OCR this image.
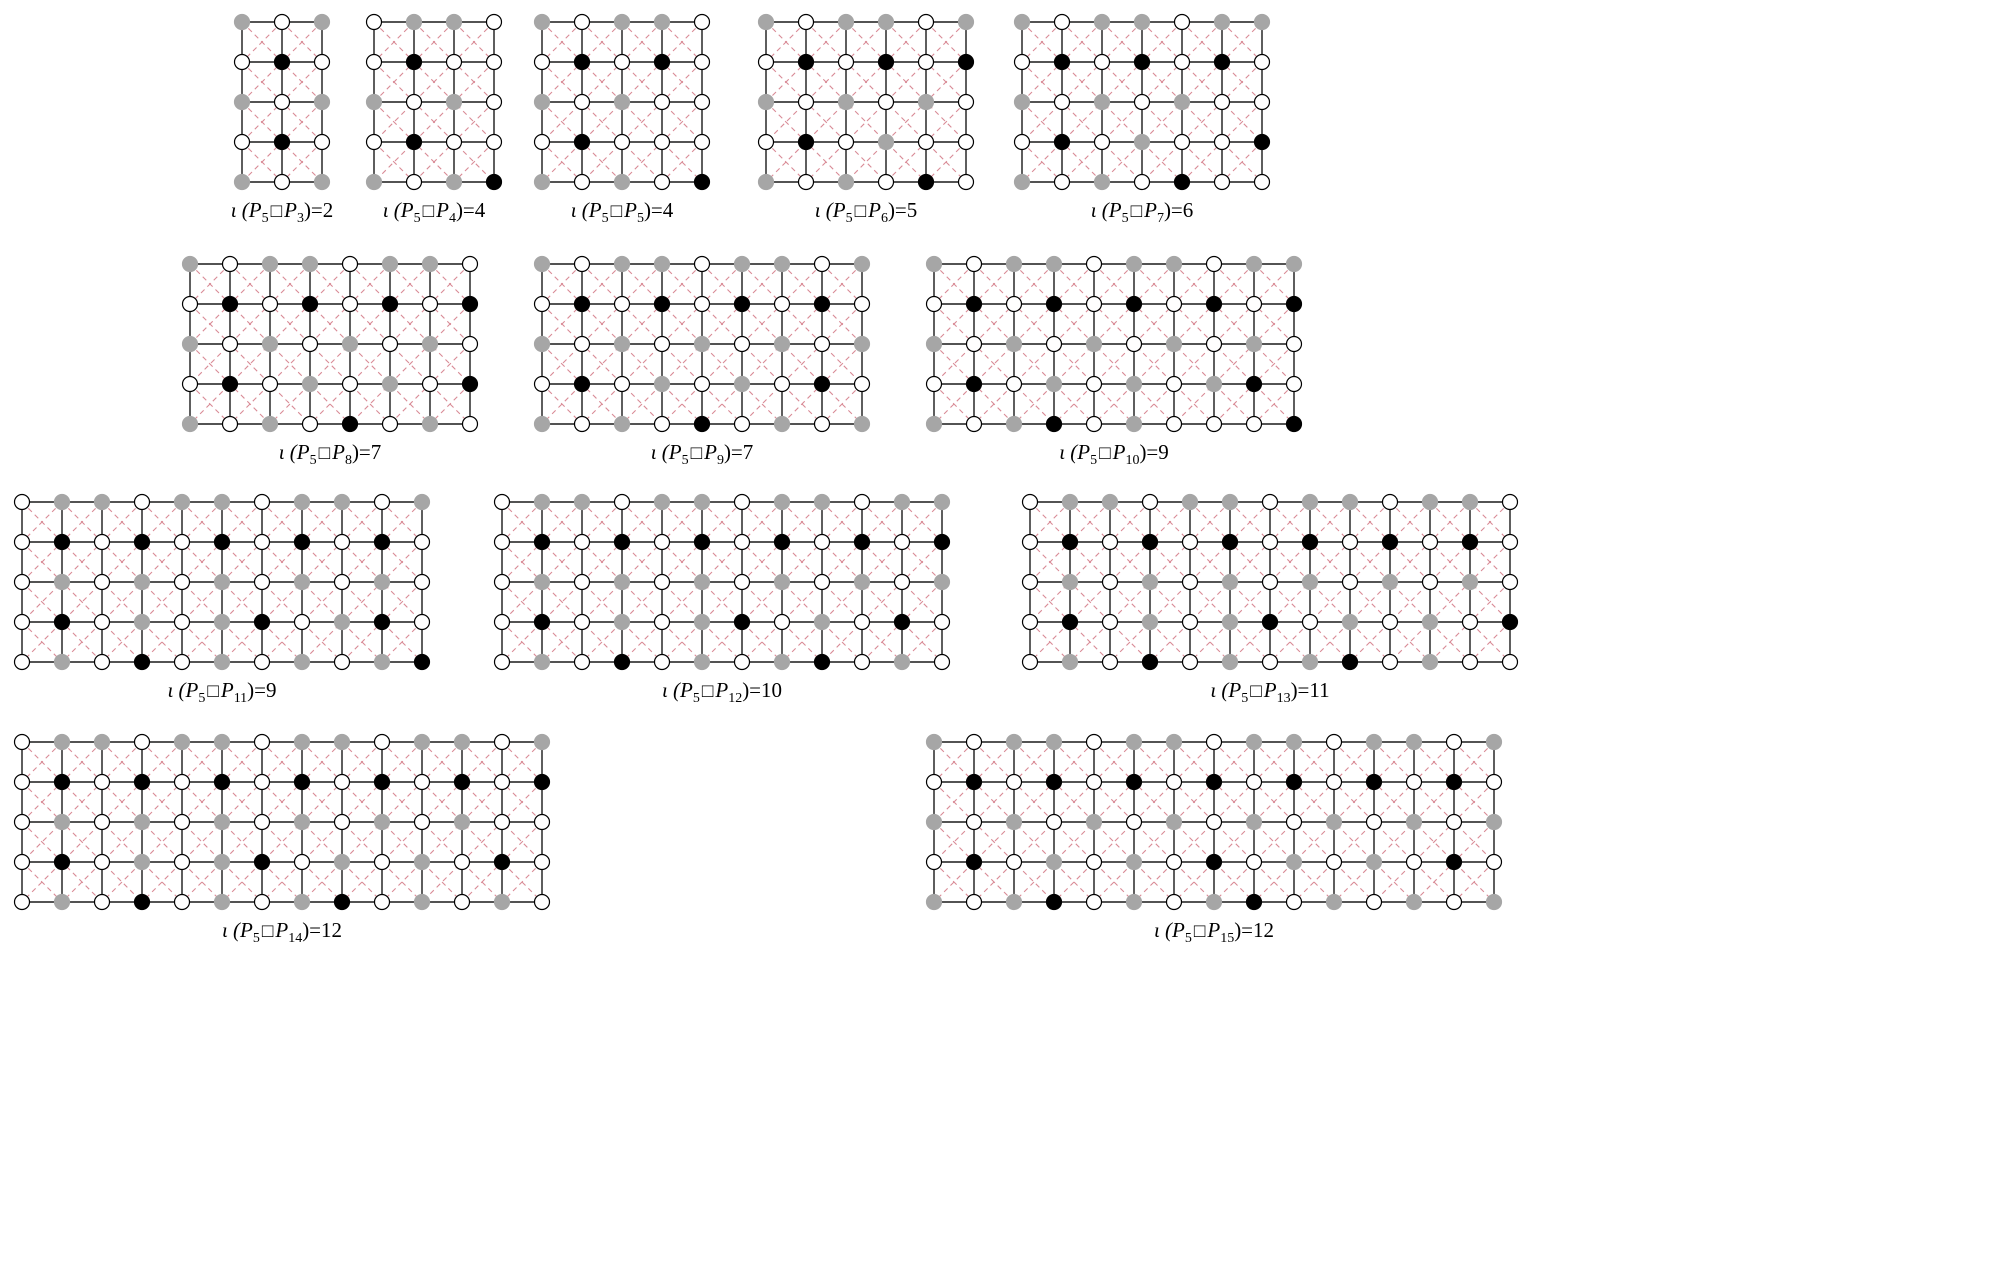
ι ($P_5$ $□P_3)=2$	ι ($P_5$ $□P_4)=4$	ι ($P_5$ $□P_5)=4$	ι ($P_5$ $□P_6)=5$	ι ($P_5$ $□P_7)=6$
ι ($P_5$ $□P_8)=7$	ι ($P_5$ $□P_9)=7$	ι ($P_5$ $□P_{10})=9$
ι ($P_5$ $□P_{11})=9$	ι ($P_5$ $□P_{12})=10$	ι ($P_5$ $□P_{13})=11$
ι ($P_5$ $□P_{14})=12$	ι ($P_5$ $□P_{15})=12$
